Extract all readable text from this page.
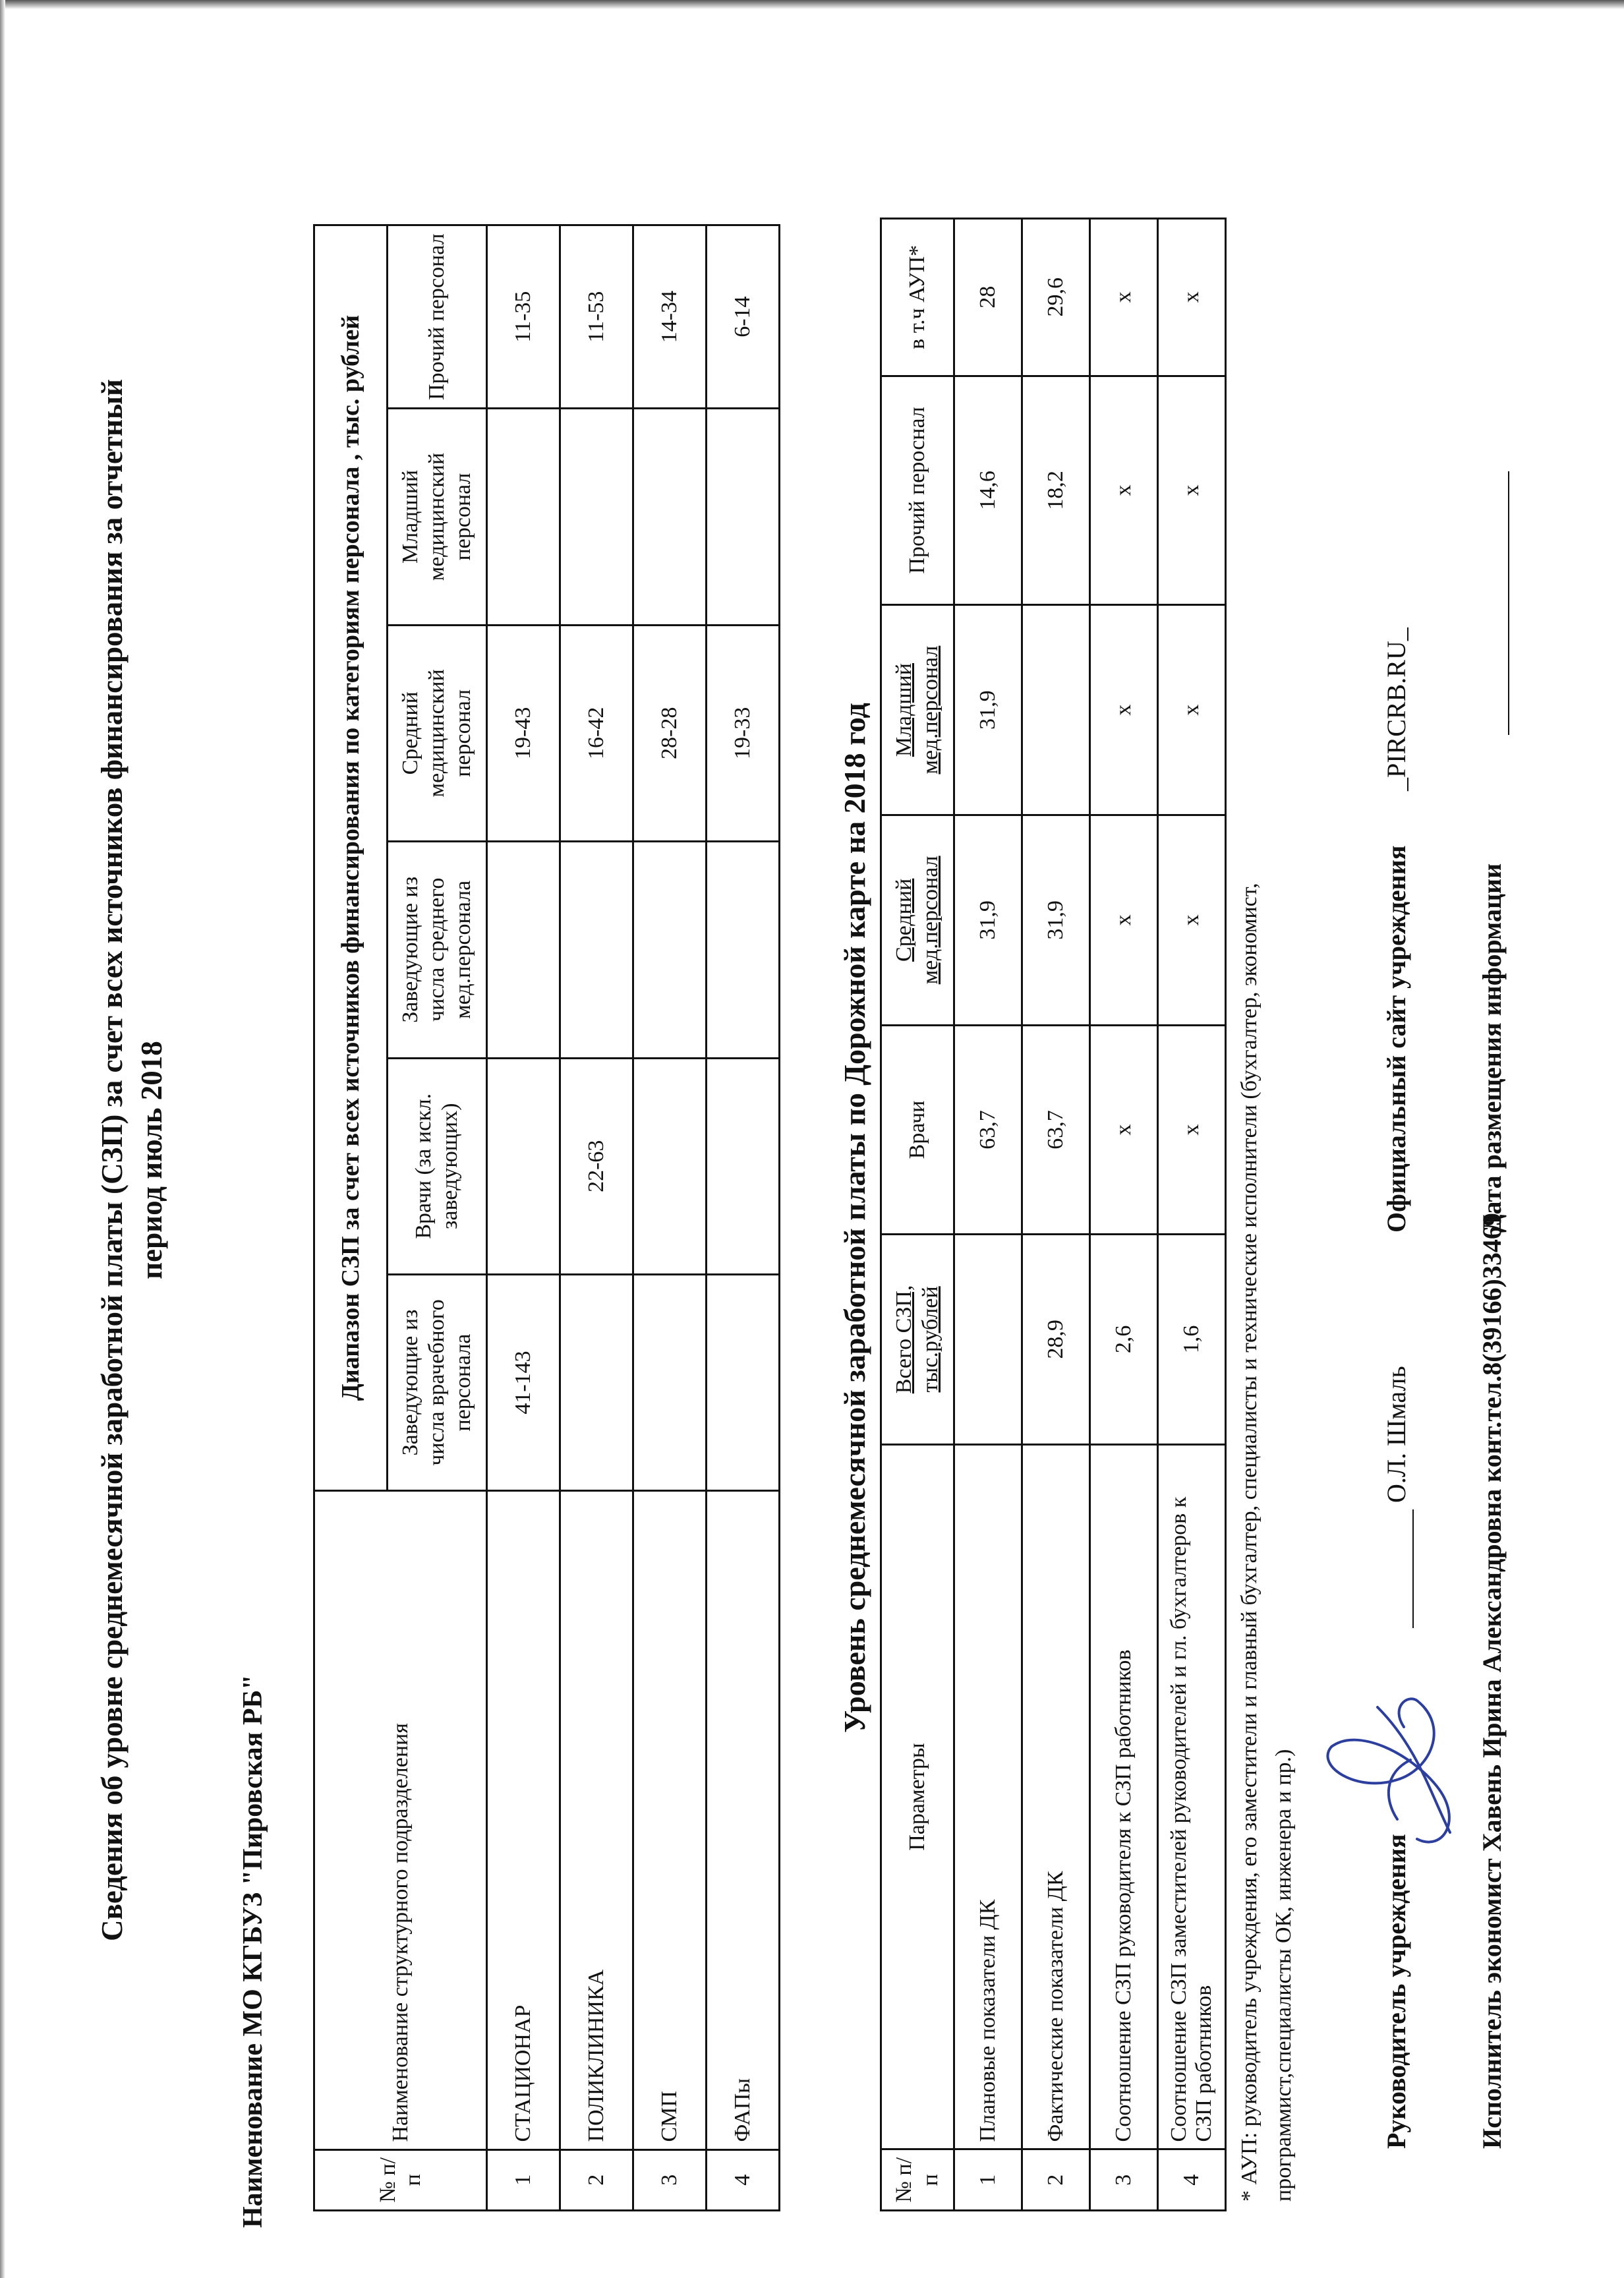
Сведения об уровне среднемесячной заработной платы (СЗП) за счет всех источников финансирования за отчетный период июль 2018
Наименование МО КГБУЗ "Пировская РБ"	№ п/п	Наименование структурного подразделения	Диапазон СЗП за счет всех источников финансирования по категориям персонала , тыс. рублей					
		Заведующие из числа врачебного персонала	Врачи (за искл. заведующих)	Заведующие из числа среднего мед.персонала	Средний медицинский персонал	Младший медицинский персонал	Прочий персонал
1	СТАЦИОНАР	41-143			19-43		11-35
2	ПОЛИКЛИНИКА		22-63		16-42		11-53
3	СМП				28-28		14-34
4	ФАПы				19-33		6-14
Уровень среднемесячной заработной платы по Дорожной карте на 2018 год
№ п/п	Параметры	Всего СЗП, тыс.рублей	Врачи	Средний мед.персонал	Младший мед.персонал	Прочий пероснал	в т.ч АУП*
1	Плановые показатели ДК		63,7	31,9	31,9	14,6	28
2	Фактические показатели ДК	28,9	63,7	31,9		18,2	29,6
3	Соотношение СЗП руководителя к СЗП работников	2,6	х	х	х	х	х
4	Соотношение СЗП заместителей руководителей и гл. бухгалтеров к СЗП работников	1,6	х	х	х	х	х
* АУП: руководитель учреждения, его заместители и главный бухгалтер, специалисты и технические исполнители (бухгалтер, экономист, программист,специалисты ОК, инженера и пр.)	Руководитель учреждения
О.Л. Шмаль
Официальный сайт учреждения
_PIRCRB.RU_
Исполнитель экономист Хавень Ирина Александровна конт.тел.8(39166)33469
Дата размещения информации
